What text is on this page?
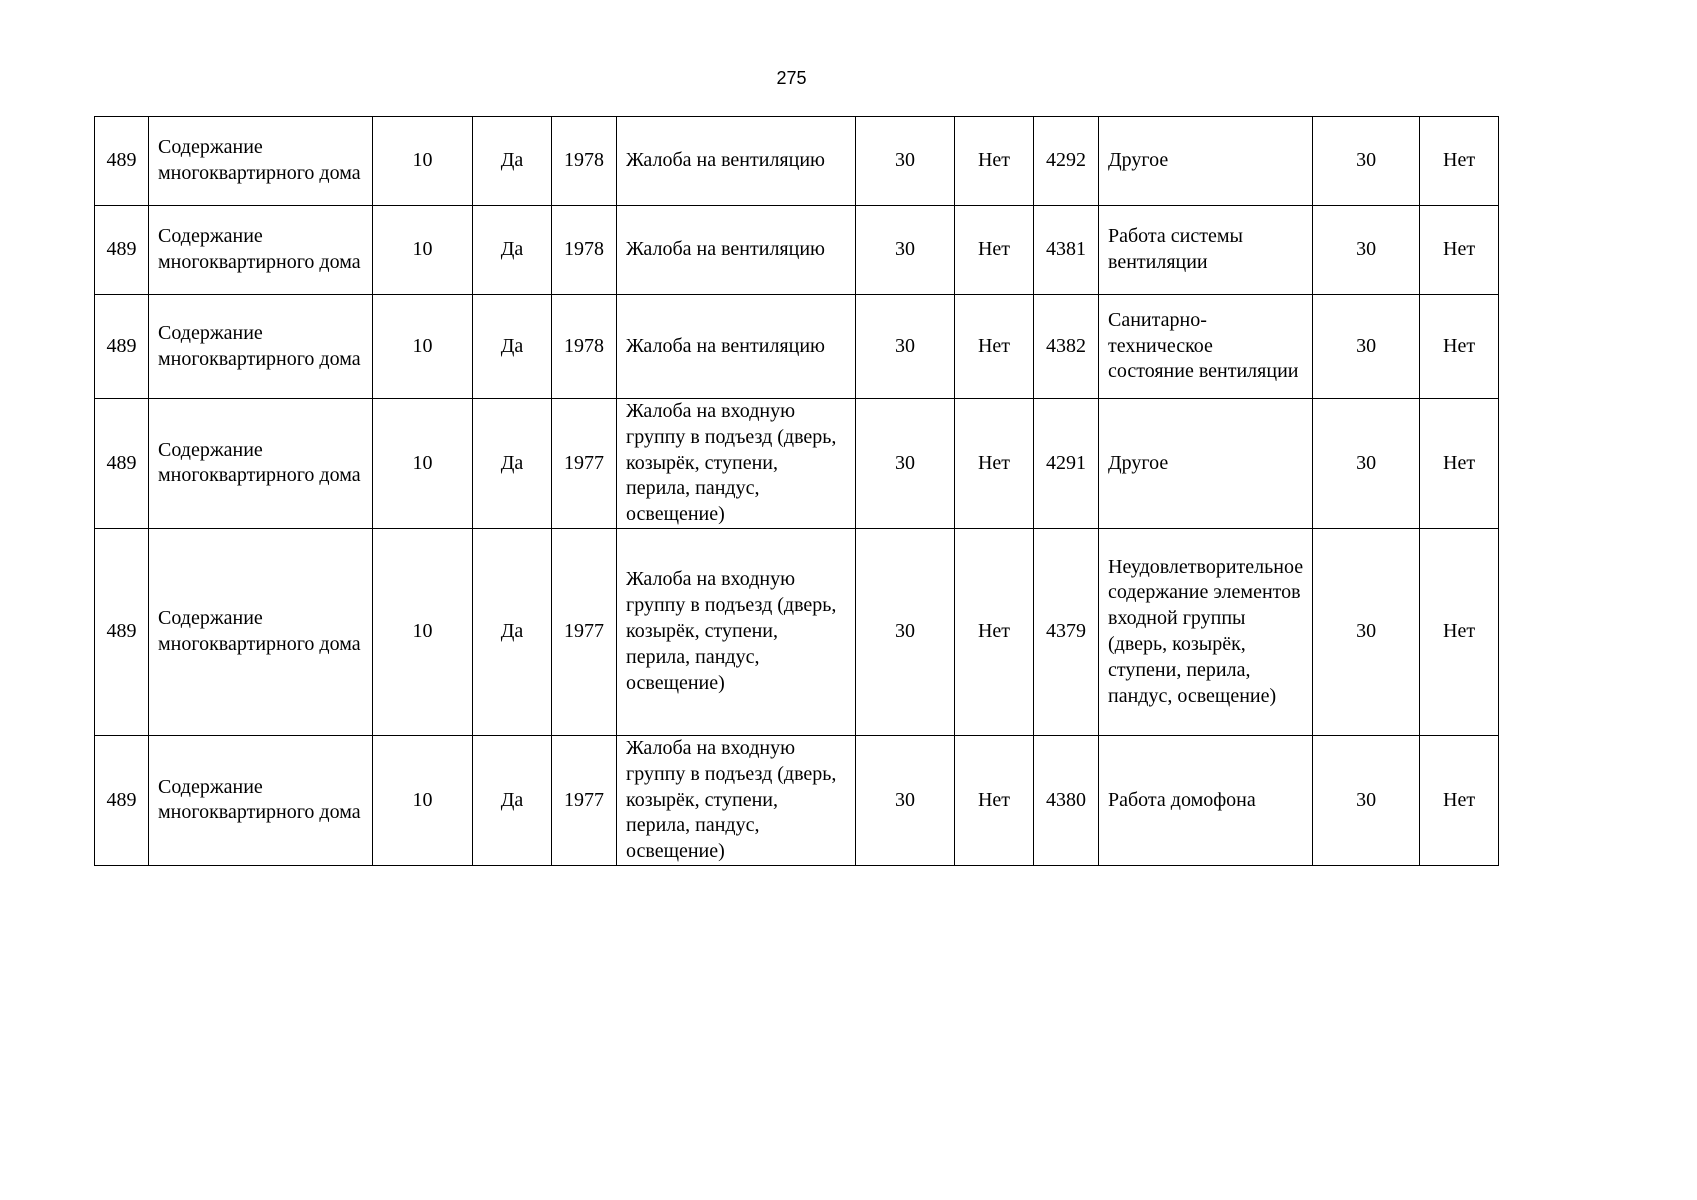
275
489	Содержание многоквартирного дома	10	Да	1978	Жалоба на вентиляцию	30	Нет	4292	Другое	30	Нет
489	Содержание многоквартирного дома	10	Да	1978	Жалоба на вентиляцию	30	Нет	4381	Работа системы вентиляции	30	Нет
489	Содержание многоквартирного дома	10	Да	1978	Жалоба на вентиляцию	30	Нет	4382	Санитарно-техническое состояние вентиляции	30	Нет
489	Содержание многоквартирного дома	10	Да	1977	Жалоба на входную группу в подъезд (дверь, козырёк, ступени, перила, пандус, освещение)	30	Нет	4291	Другое	30	Нет
489	Содержание многоквартирного дома	10	Да	1977	Жалоба на входную группу в подъезд (дверь, козырёк, ступени, перила, пандус, освещение)	30	Нет	4379	Неудовлетворительное содержание элементов входной группы (дверь, козырёк, ступени, перила, пандус, освещение)	30	Нет
489	Содержание многоквартирного дома	10	Да	1977	Жалоба на входную группу в подъезд (дверь, козырёк, ступени, перила, пандус, освещение)	30	Нет	4380	Работа домофона	30	Нет
